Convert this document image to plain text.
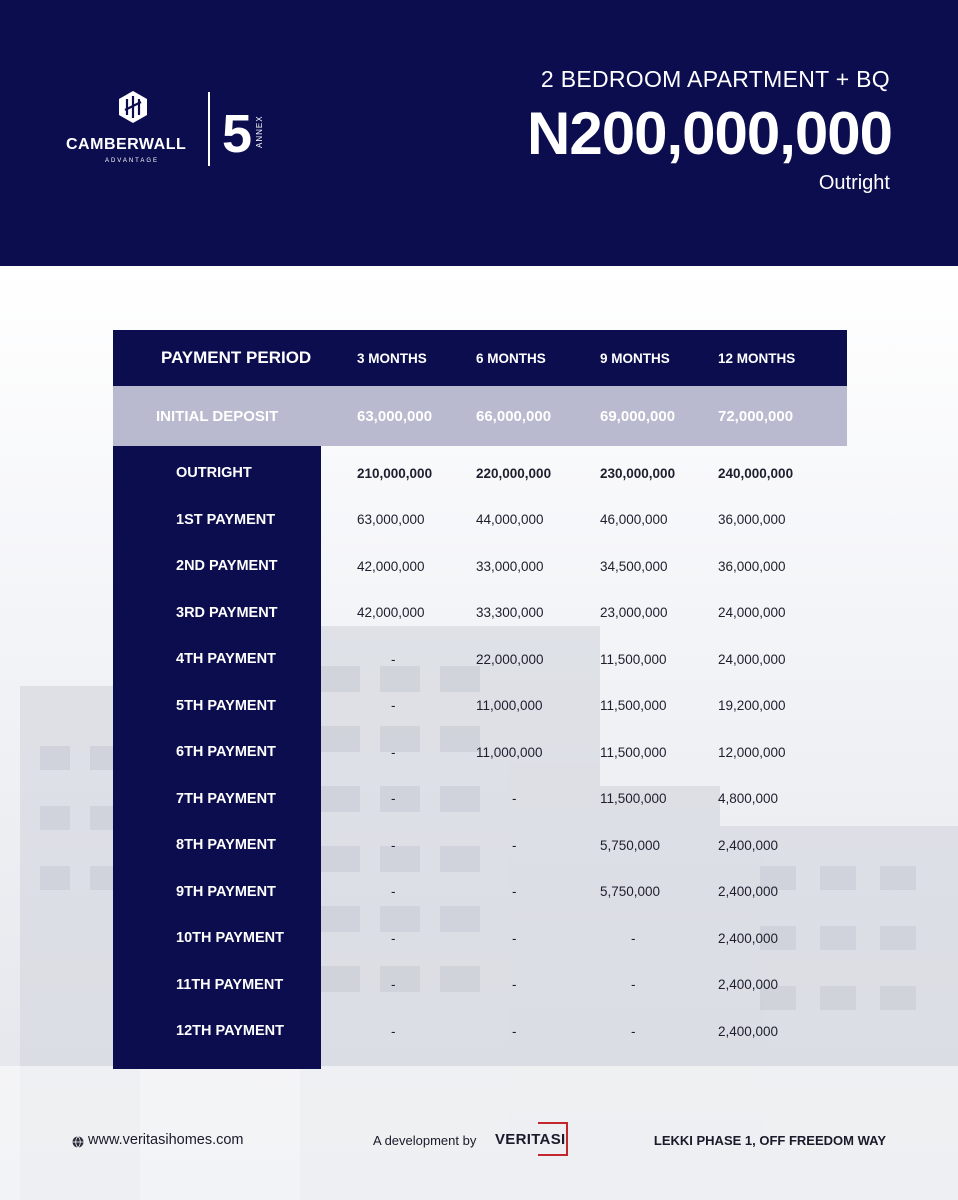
CAMBERWALL
ADVANTAGE	5 ANNEX
2 BEDROOM APARTMENT + BQ
N200,000,000
Outright
PAYMENT PERIOD	3 MONTHS	6 MONTHS	9 MONTHS	12 MONTHS
INITIAL DEPOSIT	63,000,000	66,000,000	69,000,000	72,000,000
OUTRIGHT	210,000,000	220,000,000	230,000,000	240,000,000
1ST PAYMENT	63,000,000	44,000,000	46,000,000	36,000,000
2ND PAYMENT	42,000,000	33,000,000	34,500,000	36,000,000
3RD PAYMENT	42,000,000	33,300,000	23,000,000	24,000,000
4TH PAYMENT	-	22,000,000	11,500,000	24,000,000
5TH PAYMENT	-	11,000,000	11,500,000	19,200,000
6TH PAYMENT	-	11,000,000	11,500,000	12,000,000
7TH PAYMENT	-	-	11,500,000	4,800,000
8TH PAYMENT	-	-	5,750,000	2,400,000
9TH PAYMENT	-	-	5,750,000	2,400,000
10TH PAYMENT	-	-	-	2,400,000
11TH PAYMENT	-	-	-	2,400,000
12TH PAYMENT	-	-	-	2,400,000
www.veritasihomes.com	A development by VERITASI	LEKKI PHASE 1, OFF FREEDOM WAY
